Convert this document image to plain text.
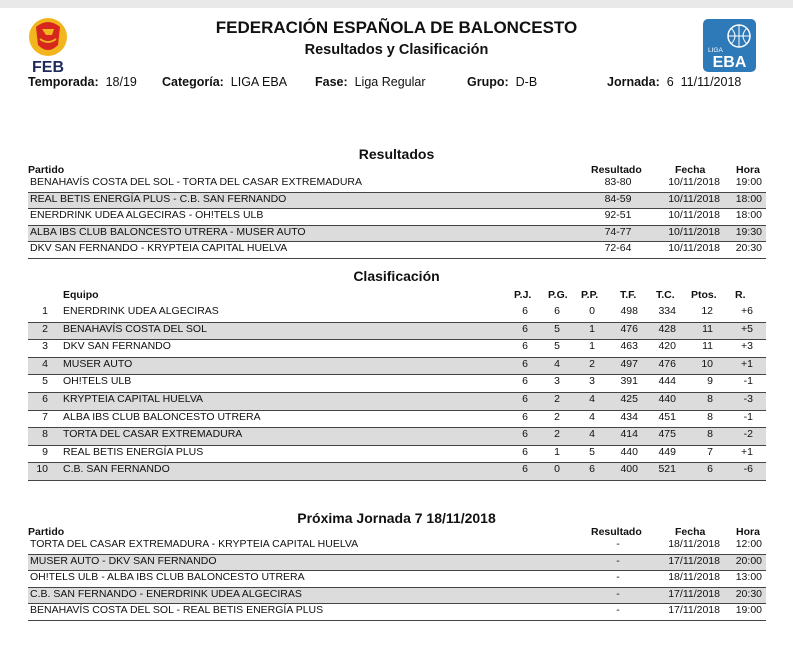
FEB
LIGA
EBA
FEDERACIÓN ESPAÑOLA DE BALONCESTO
Resultados y Clasificación
Temporada: 18/19 Categoría: LIGA EBA Fase: Liga Regular	Grupo: D-B	Jornada: 6  11/11/2018
Resultados
Partido	Resultado	Fecha	Hora
BENAHAVÍS COSTA DEL SOL - TORTA DEL CASAR EXTREMADURA	83-80	10/11/2018	19:00
REAL BETIS ENERGÍA PLUS - C.B. SAN FERNANDO	84-59	10/11/2018	18:00
ENERDRINK UDEA ALGECIRAS - OH!TELS ULB	92-51	10/11/2018	18:00
ALBA IBS CLUB BALONCESTO UTRERA - MUSER AUTO	74-77	10/11/2018	19:30
DKV SAN FERNANDO - KRYPTEIA CAPITAL HUELVA	72-64	10/11/2018	20:30
Clasificación
Equipo	P.J. P.G. P.P. T.F. T.C. Ptos. R.
1 ENERDRINK UDEA ALGECIRAS	6	6	0	498	334	12	+6
2 BENAHAVÍS COSTA DEL SOL	6	5	1	476	428	11	+5
3 DKV SAN FERNANDO	6	5	1	463	420	11	+3
4 MUSER AUTO	6	4	2	497	476	10	+1
5 OH!TELS ULB	6	3	3	391	444	9	-1
6 KRYPTEIA CAPITAL HUELVA	6	2	4	425	440	8	-3
7 ALBA IBS CLUB BALONCESTO UTRERA	6	2	4	434	451	8	-1
8 TORTA DEL CASAR EXTREMADURA	6	2	4	414	475	8	-2
9 REAL BETIS ENERGÍA PLUS	6	1	5	440	449	7	+1
10 C.B. SAN FERNANDO	6	0	6	400	521	6	-6
Próxima Jornada 7 18/11/2018
Partido	Resultado	Fecha	Hora
TORTA DEL CASAR EXTREMADURA - KRYPTEIA CAPITAL HUELVA	-	18/11/2018	12:00
MUSER AUTO - DKV SAN FERNANDO	-	17/11/2018	20:00
OH!TELS ULB - ALBA IBS CLUB BALONCESTO UTRERA	-	18/11/2018	13:00
C.B. SAN FERNANDO - ENERDRINK UDEA ALGECIRAS	-	17/11/2018	20:30
BENAHAVÍS COSTA DEL SOL - REAL BETIS ENERGÍA PLUS	-	17/11/2018	19:00
